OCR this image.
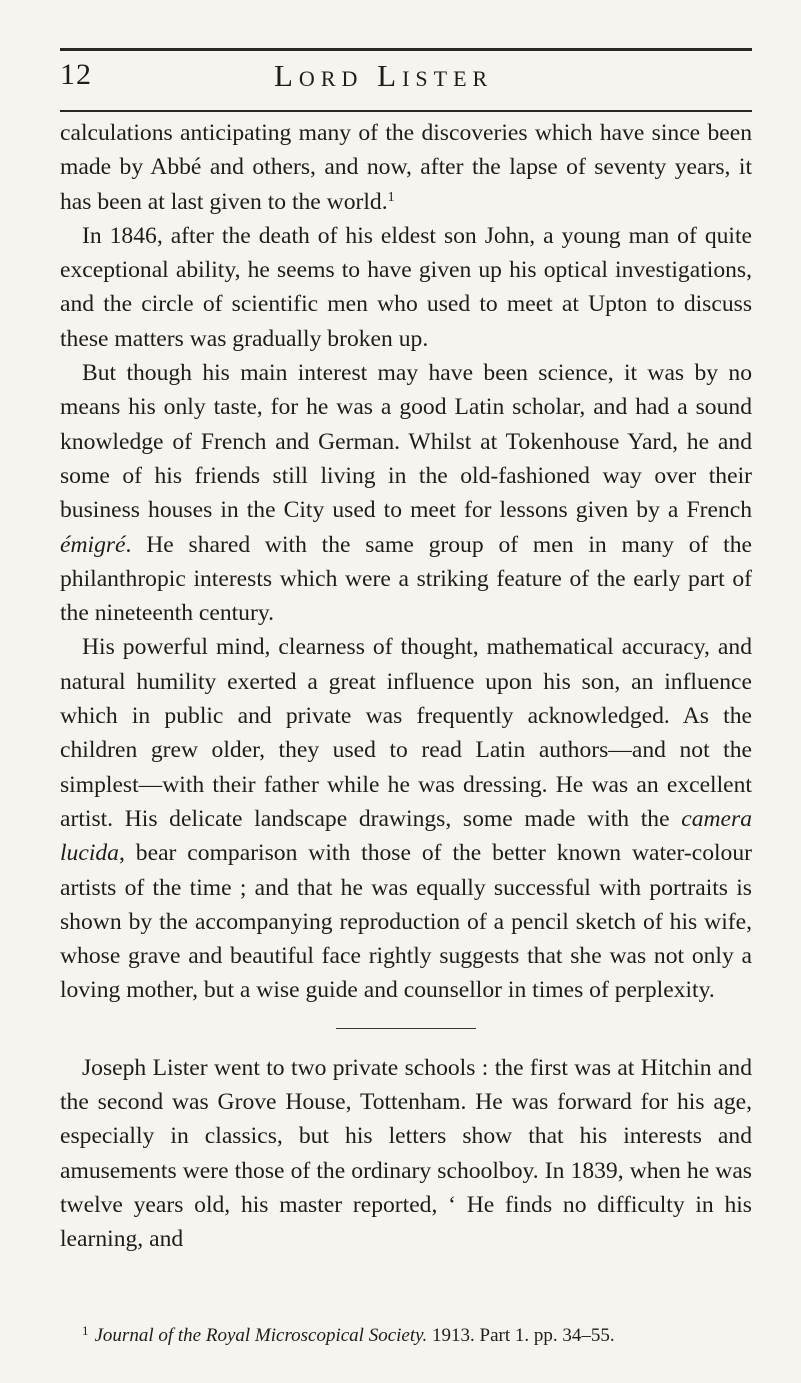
12	Lord Lister

calculations anticipating many of the discoveries which have since been made by Abbé and others, and now, after the lapse of seventy years, it has been at last given to the world.$^1$

In 1846, after the death of his eldest son John, a young man of quite exceptional ability, he seems to have given up his optical investigations, and the circle of scientific men who used to meet at Upton to discuss these matters was gradually broken up.

But though his main interest may have been science, it was by no means his only taste, for he was a good Latin scholar, and had a sound knowledge of French and German. Whilst at Tokenhouse Yard, he and some of his friends still living in the old-fashioned way over their business houses in the City used to meet for lessons given by a French émigré. He shared with the same group of men in many of the philanthropic interests which were a striking feature of the early part of the nineteenth century.

His powerful mind, clearness of thought, mathematical accuracy, and natural humility exerted a great influence upon his son, an influence which in public and private was frequently acknowledged. As the children grew older, they used to read Latin authors—and not the simplest—with their father while he was dressing. He was an excellent artist. His delicate landscape drawings, some made with the camera lucida, bear comparison with those of the better known water-colour artists of the time ; and that he was equally successful with portraits is shown by the accompanying reproduction of a pencil sketch of his wife, whose grave and beautiful face rightly suggests that she was not only a loving mother, but a wise guide and counsellor in times of perplexity.

Joseph Lister went to two private schools : the first was at Hitchin and the second was Grove House, Tottenham. He was forward for his age, especially in classics, but his letters show that his interests and amusements were those of the ordinary schoolboy. In 1839, when he was twelve years old, his master reported, ‘ He finds no difficulty in his learning, and

$^1$ Journal of the Royal Microscopical Society. 1913. Part 1. pp. 34–55.
